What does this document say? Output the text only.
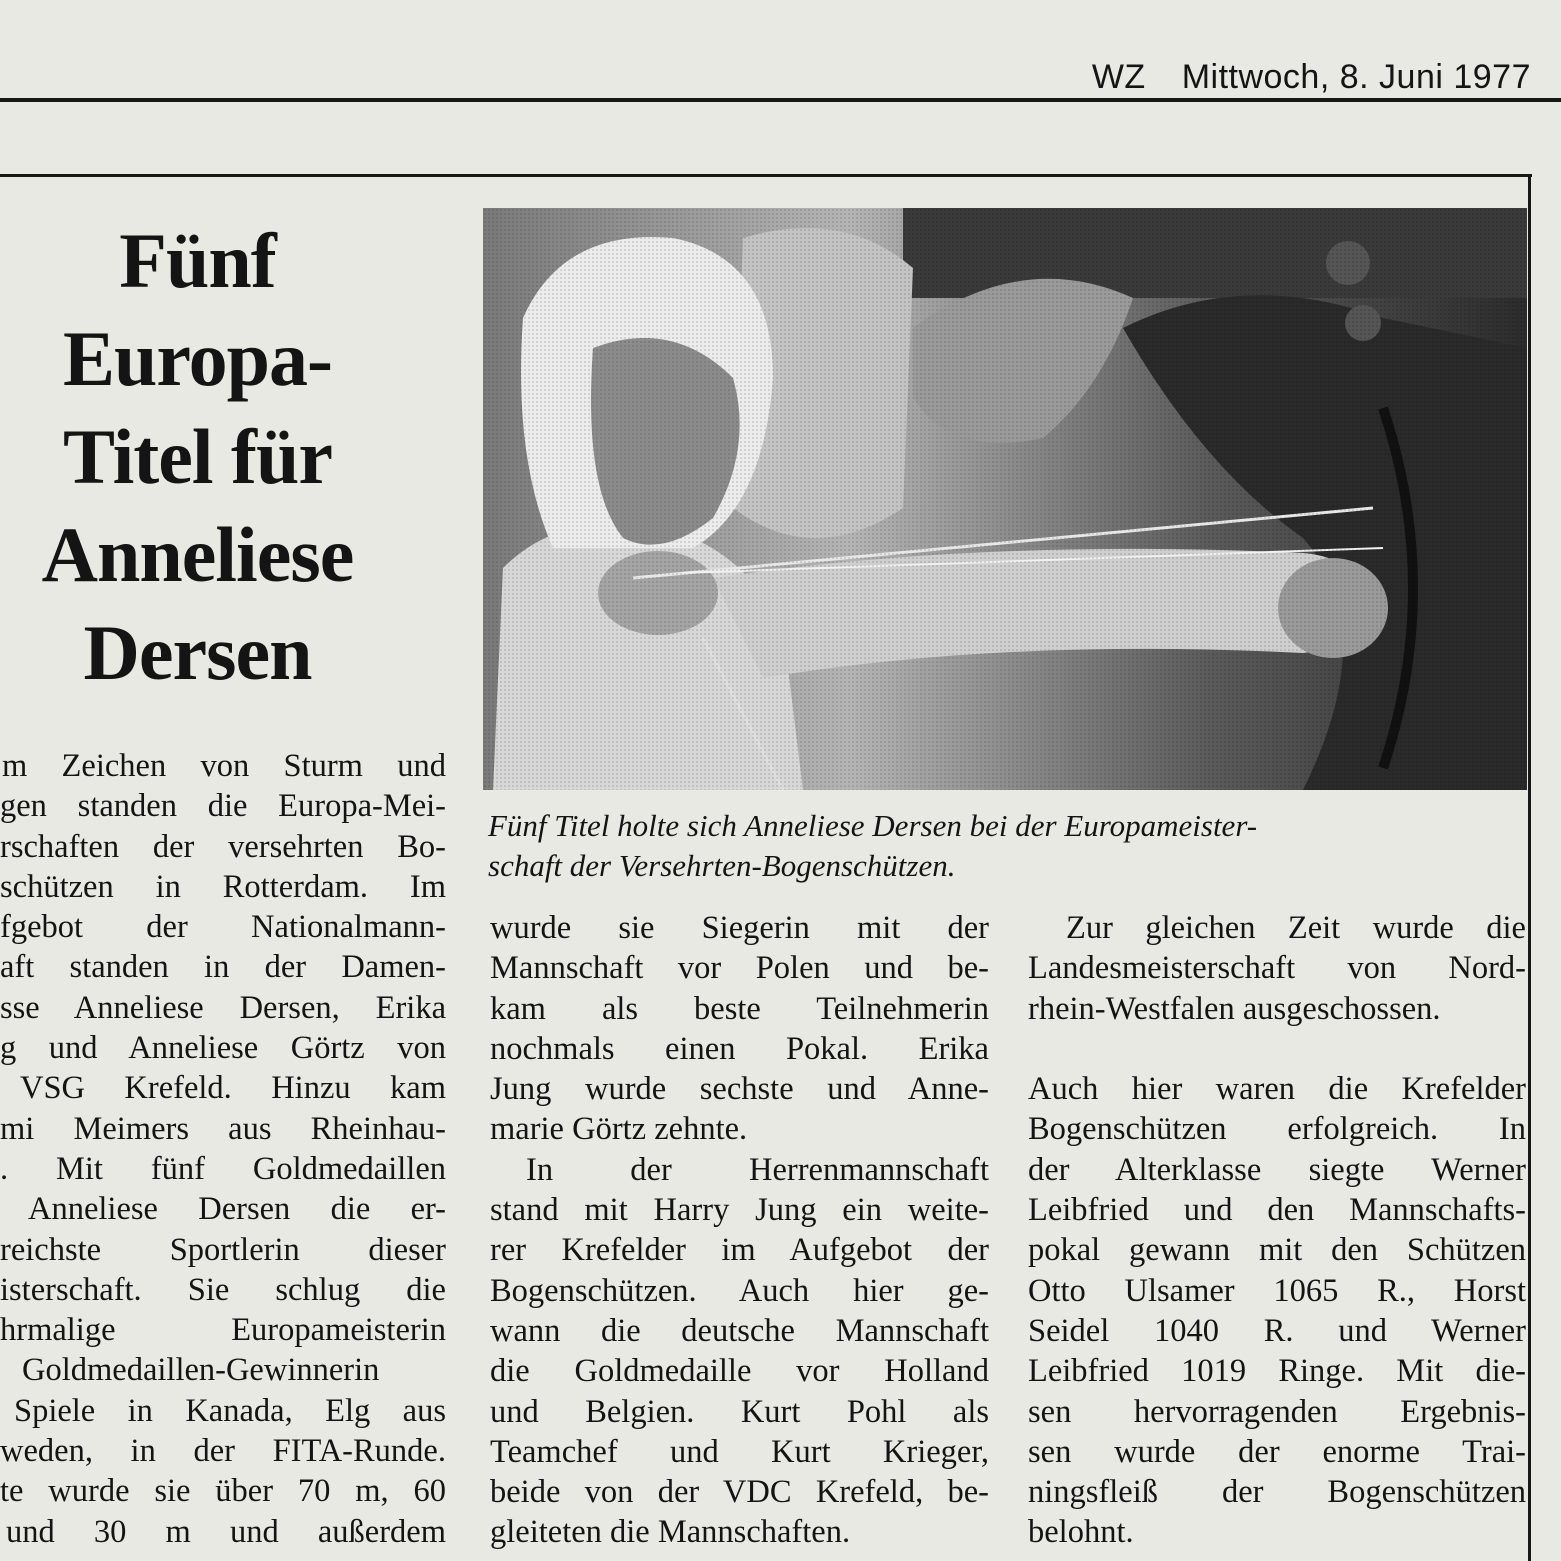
WZ Mittwoch, 8. Juni 1977
Fünf
Europa-
Titel für
Anneliese
Dersen
Fünf Titel holte sich Anneliese Dersen bei der Europameister-
schaft der Versehrten-Bogenschützen.
m Zeichen von Sturm und
gen standen die Europa-Mei-
rschaften der versehrten Bo-
schützen in Rotterdam. Im
fgebot der Nationalmann-
aft standen in der Damen-
sse Anneliese Dersen, Erika
g und Anneliese Görtz von
VSG Krefeld. Hinzu kam
mi Meimers aus Rheinhau-
. Mit fünf Goldmedaillen
Anneliese Dersen die er-
reichste Sportlerin dieser
isterschaft. Sie schlug die
hrmalige Europameisterin
Goldmedaillen-Gewinnerin
Spiele in Kanada, Elg aus
weden, in der FITA-Runde.
te wurde sie über 70 m, 60
und 30 m und außerdem
wurde sie Siegerin mit der
Mannschaft vor Polen und be-
kam als beste Teilnehmerin
nochmals einen Pokal. Erika
Jung wurde sechste und Anne-
marie Görtz zehnte.
In der Herrenmannschaft
stand mit Harry Jung ein weite-
rer Krefelder im Aufgebot der
Bogenschützen. Auch hier ge-
wann die deutsche Mannschaft
die Goldmedaille vor Holland
und Belgien. Kurt Pohl als
Teamchef und Kurt Krieger,
beide von der VDC Krefeld, be-
gleiteten die Mannschaften.
Zur gleichen Zeit wurde die
Landesmeisterschaft von Nord-
rhein-Westfalen ausgeschossen.
Auch hier waren die Krefelder
Bogenschützen erfolgreich. In
der Alterklasse siegte Werner
Leibfried und den Mannschafts-
pokal gewann mit den Schützen
Otto Ulsamer 1065 R., Horst
Seidel 1040 R. und Werner
Leibfried 1019 Ringe. Mit die-
sen hervorragenden Ergebnis-
sen wurde der enorme Trai-
ningsfleiß der Bogenschützen
belohnt.
